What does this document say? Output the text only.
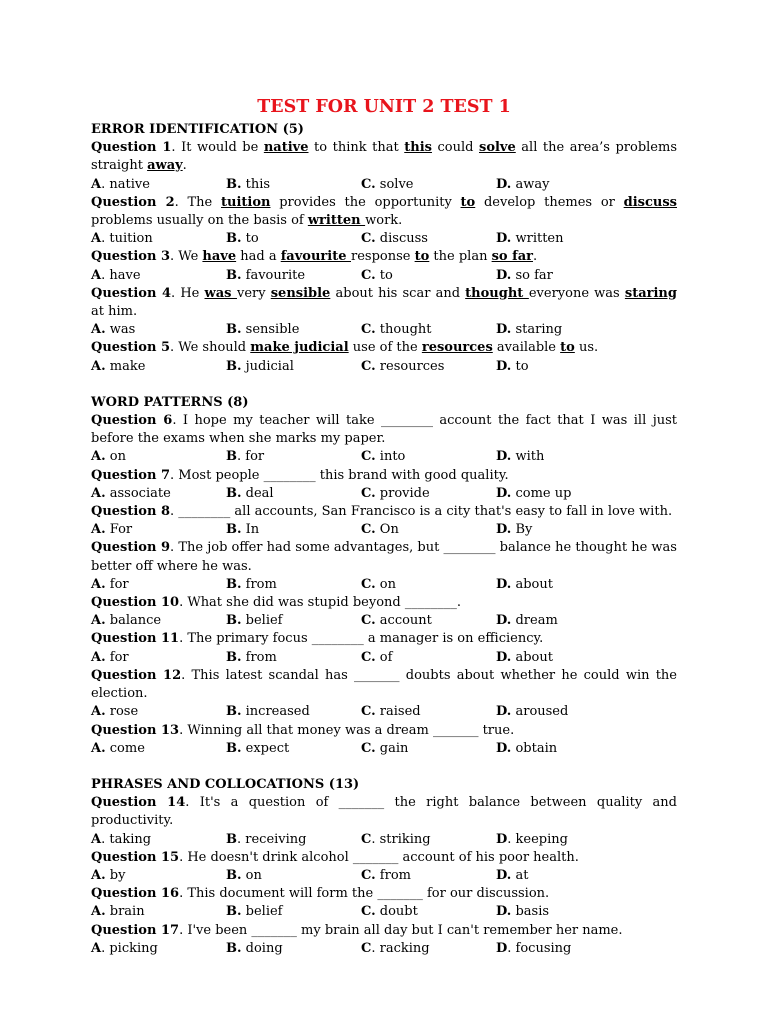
TEST FOR UNIT 2 TEST 1
ERROR IDENTIFICATION (5)
Question 1. It would be native to think that this could solve all the area’s problems straight away.
A. native	B. this	C. solve	D. away
Question 2. The tuition provides the opportunity to develop themes or discuss problems usually on the basis of written work.
A. tuition	B. to	C. discuss	D. written
Question 3. We have had a favourite response to the plan so far.
A. have	B. favourite	C. to	D. so far
Question 4. He was very sensible about his scar and thought everyone was staring at him.
A. was	B. sensible	C. thought	D. staring
Question 5. We should make judicial use of the resources available to us.
A. make	B. judicial	C. resources	D. to
WORD PATTERNS (8)
Question 6. I hope my teacher will take ________ account the fact that I was ill just before the exams when she marks my paper.
A. on	B. for	C. into	D. with
Question 7. Most people ________ this brand with good quality.
A. associate	B. deal	C. provide	D. come up
Question 8. ________ all accounts, San Francisco is a city that's easy to fall in love with.
A. For	B. In	C. On	D. By
Question 9. The job offer had some advantages, but ________ balance he thought he was better off where he was.
A. for	B. from	C. on	D. about
Question 10. What she did was stupid beyond ________.
A. balance	B. belief	C. account	D. dream
Question 11. The primary focus ________ a manager is on efficiency.
A. for	B. from	C. of	D. about
Question 12. This latest scandal has _______ doubts about whether he could win the election.
A. rose	B. increased	C. raised	D. aroused
Question 13. Winning all that money was a dream _______ true.
A. come	B. expect	C. gain	D. obtain
PHRASES AND COLLOCATIONS (13)
Question 14. It's a question of _______ the right balance between quality and productivity.
A. taking	B. receiving	C. striking	D. keeping
Question 15. He doesn't drink alcohol _______ account of his poor health.
A. by	B. on	C. from	D. at
Question 16. This document will form the _______ for our discussion.
A. brain	B. belief	C. doubt	D. basis
Question 17. I've been _______ my brain all day but I can't remember her name.
A. picking	B. doing	C. racking	D. focusing
